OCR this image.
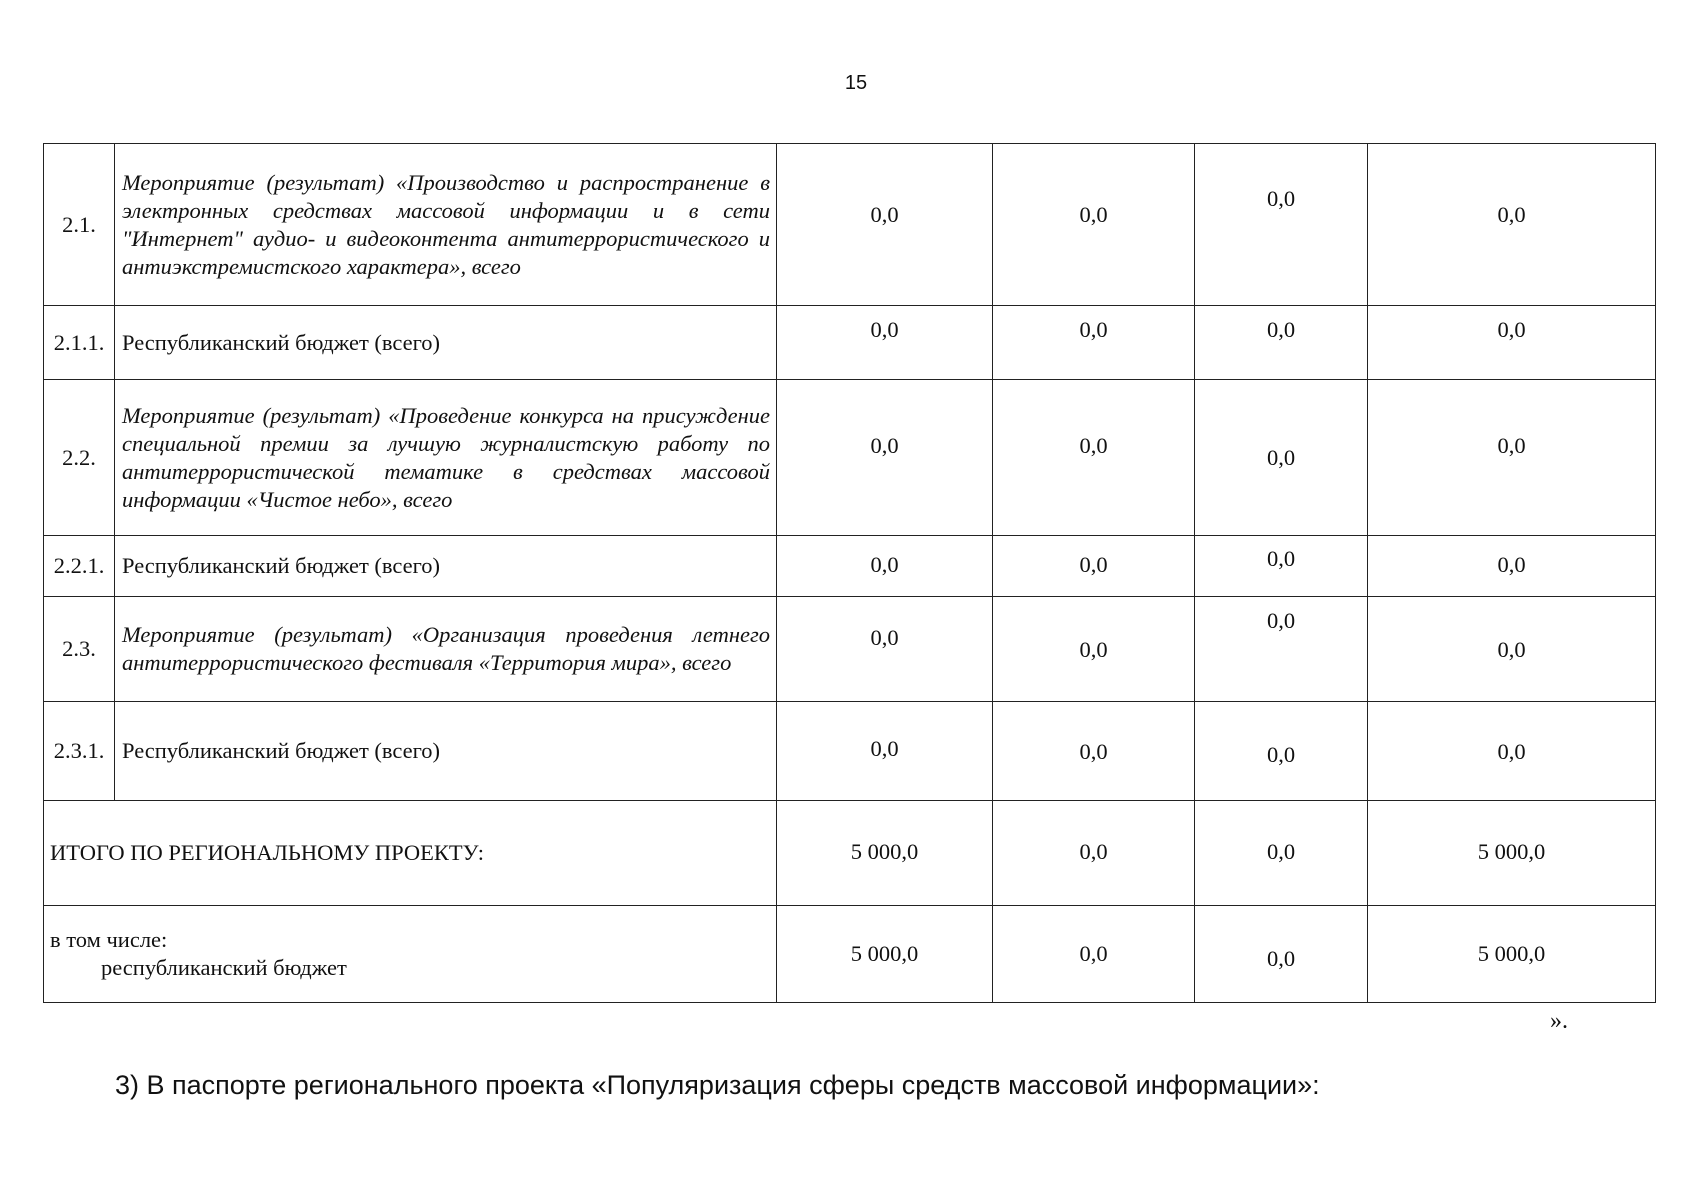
15
2.1.	Мероприятие (результат) «Производство и распространение в электронных средствах массовой информации и в сети "Интернет" аудио- и видеоконтента антитеррористического и антиэкстремистского характера», всего	0,0	0,0	0,0	0,0

2.1.1.	Республиканский бюджет (всего)	0,0	0,0	0,0	0,0

2.2.	Мероприятие (результат) «Проведение конкурса на присуждение специальной премии за лучшую журналистскую работу по антитеррористической тематике в средствах массовой информации «Чистое небо», всего	0,0	0,0	0,0	0,0

2.2.1.	Республиканский бюджет (всего)	0,0	0,0	0,0	0,0

2.3.	Мероприятие (результат) «Организация проведения летнего антитеррористического фестиваля «Территория мира», всего	0,0	0,0	0,0	0,0

2.3.1.	Республиканский бюджет (всего)	0,0	0,0	0,0	0,0

ИТОГО ПО РЕГИОНАЛЬНОМУ ПРОЕКТУ:		5 000,0	0,0	0,0	5 000,0

в том числе:
республиканский бюджет		5 000,0	0,0	0,0	5 000,0
».
3) В паспорте регионального проекта «Популяризация сферы средств массовой информации»:
